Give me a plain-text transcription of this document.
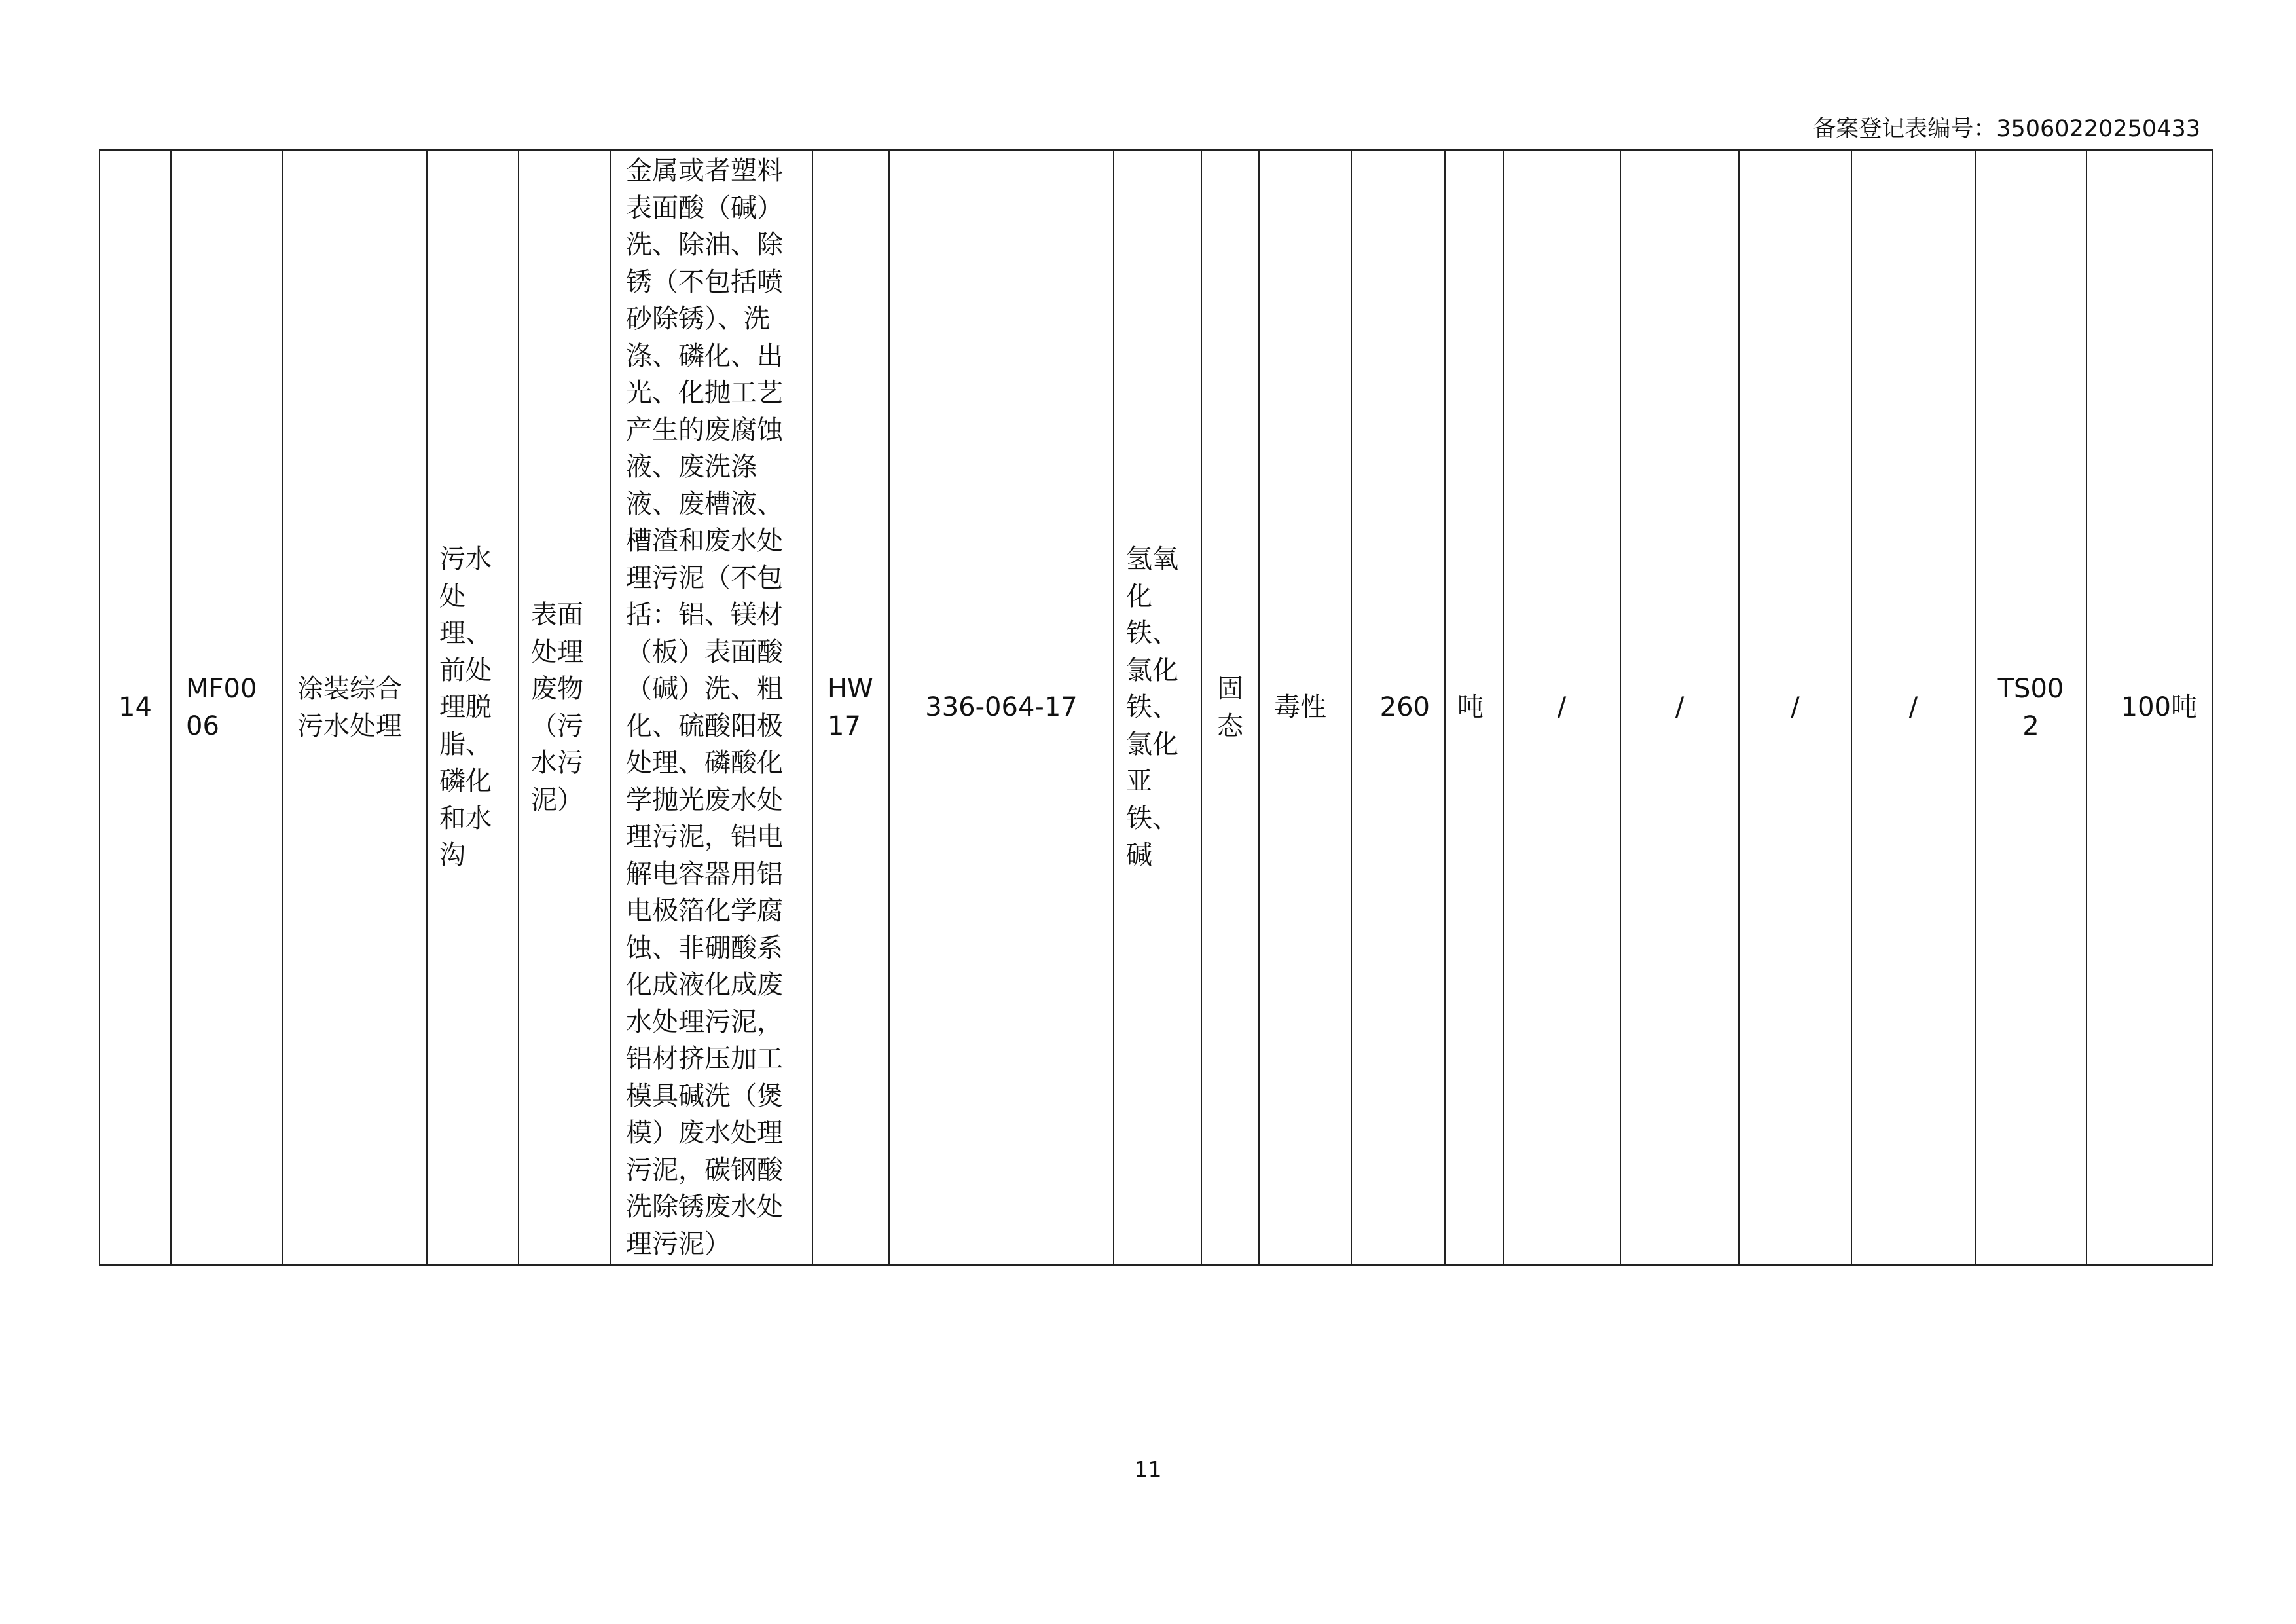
备案登记表编号：35060220250433
14	MF0006	涂装综合污水处理	污水处理、前处理脱脂、磷化和水沟	表面处理废物（污水污泥）	金属或者塑料表面酸（碱）洗、除油、除锈（不包括喷砂除锈）、洗涤、磷化、出光、化抛工艺产生的废腐蚀液、废洗涤液、废槽液、槽渣和废水处理污泥（不包括：铝、镁材（板）表面酸（碱）洗、粗化、硫酸阳极处理、磷酸化学抛光废水处理污泥，铝电解电容器用铝电极箔化学腐蚀、非硼酸系化成液化成废水处理污泥，铝材挤压加工模具碱洗（煲模）废水处理污泥，碳钢酸洗除锈废水处理污泥）	HW17	336-064-17	氢氧化铁、氯化铁、氯化亚铁、碱	固态	毒性	260	吨	/	/	/	/	TS002	100吨
11
